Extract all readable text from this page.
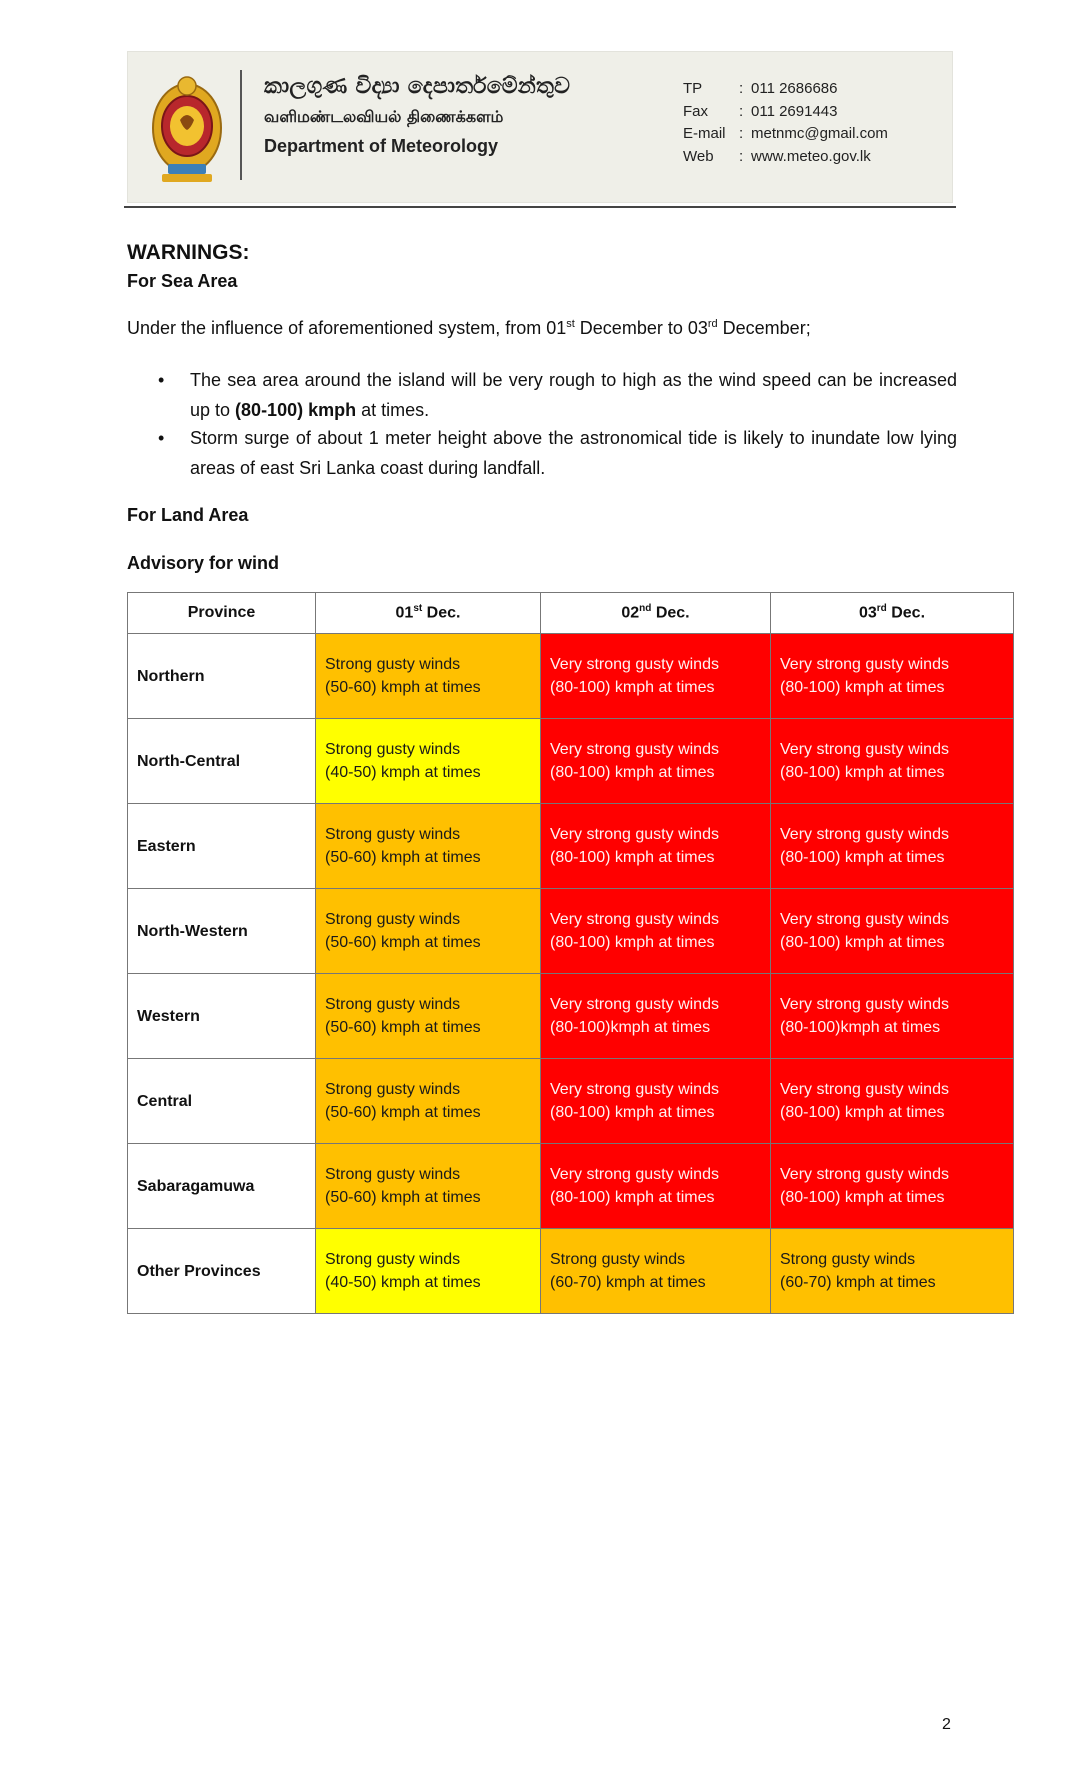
කාලගුණ විද්‍යා දෙපාර්තමේන්තුව
வளிமண்டலவியல் திணைக்களம்
Department of Meteorology
TP	: 011 2686686
Fax	: 011 2691443
E-mail : metnmc@gmail.com
Web	: www.meteo.gov.lk
WARNINGS:
For Sea Area
Under the influence of aforementioned system, from 01st December to 03rd December;
• The sea area around the island will be very rough to high as the wind speed can be increased up to (80-100) kmph at times.
• Storm surge of about 1 meter height above the astronomical tide is likely to inundate low lying areas of east Sri Lanka coast during landfall.
For Land Area
Advisory for wind
Province	01st Dec.	02nd Dec.	03rd Dec.
Northern	Strong gusty winds
(50-60) kmph at times	Very strong gusty winds
(80-100) kmph at times	Very strong gusty winds
(80-100) kmph at times

North-Central	Strong gusty winds
(40-50) kmph at times	Very strong gusty winds
(80-100) kmph at times	Very strong gusty winds
(80-100) kmph at times

Eastern	Strong gusty winds
(50-60) kmph at times	Very strong gusty winds
(80-100) kmph at times	Very strong gusty winds
(80-100) kmph at times

North-Western	Strong gusty winds
(50-60) kmph at times	Very strong gusty winds
(80-100) kmph at times	Very strong gusty winds
(80-100) kmph at times

Western	Strong gusty winds
(50-60) kmph at times	Very strong gusty winds
(80-100)kmph at times	Very strong gusty winds
(80-100)kmph at times

Central	Strong gusty winds
(50-60) kmph at times	Very strong gusty winds
(80-100) kmph at times	Very strong gusty winds
(80-100) kmph at times

Sabaragamuwa	Strong gusty winds
(50-60) kmph at times	Very strong gusty winds
(80-100) kmph at times	Very strong gusty winds
(80-100) kmph at times

Other Provinces	Strong gusty winds
(40-50) kmph at times	Strong gusty winds
(60-70) kmph at times	Strong gusty winds
(60-70) kmph at times
2
